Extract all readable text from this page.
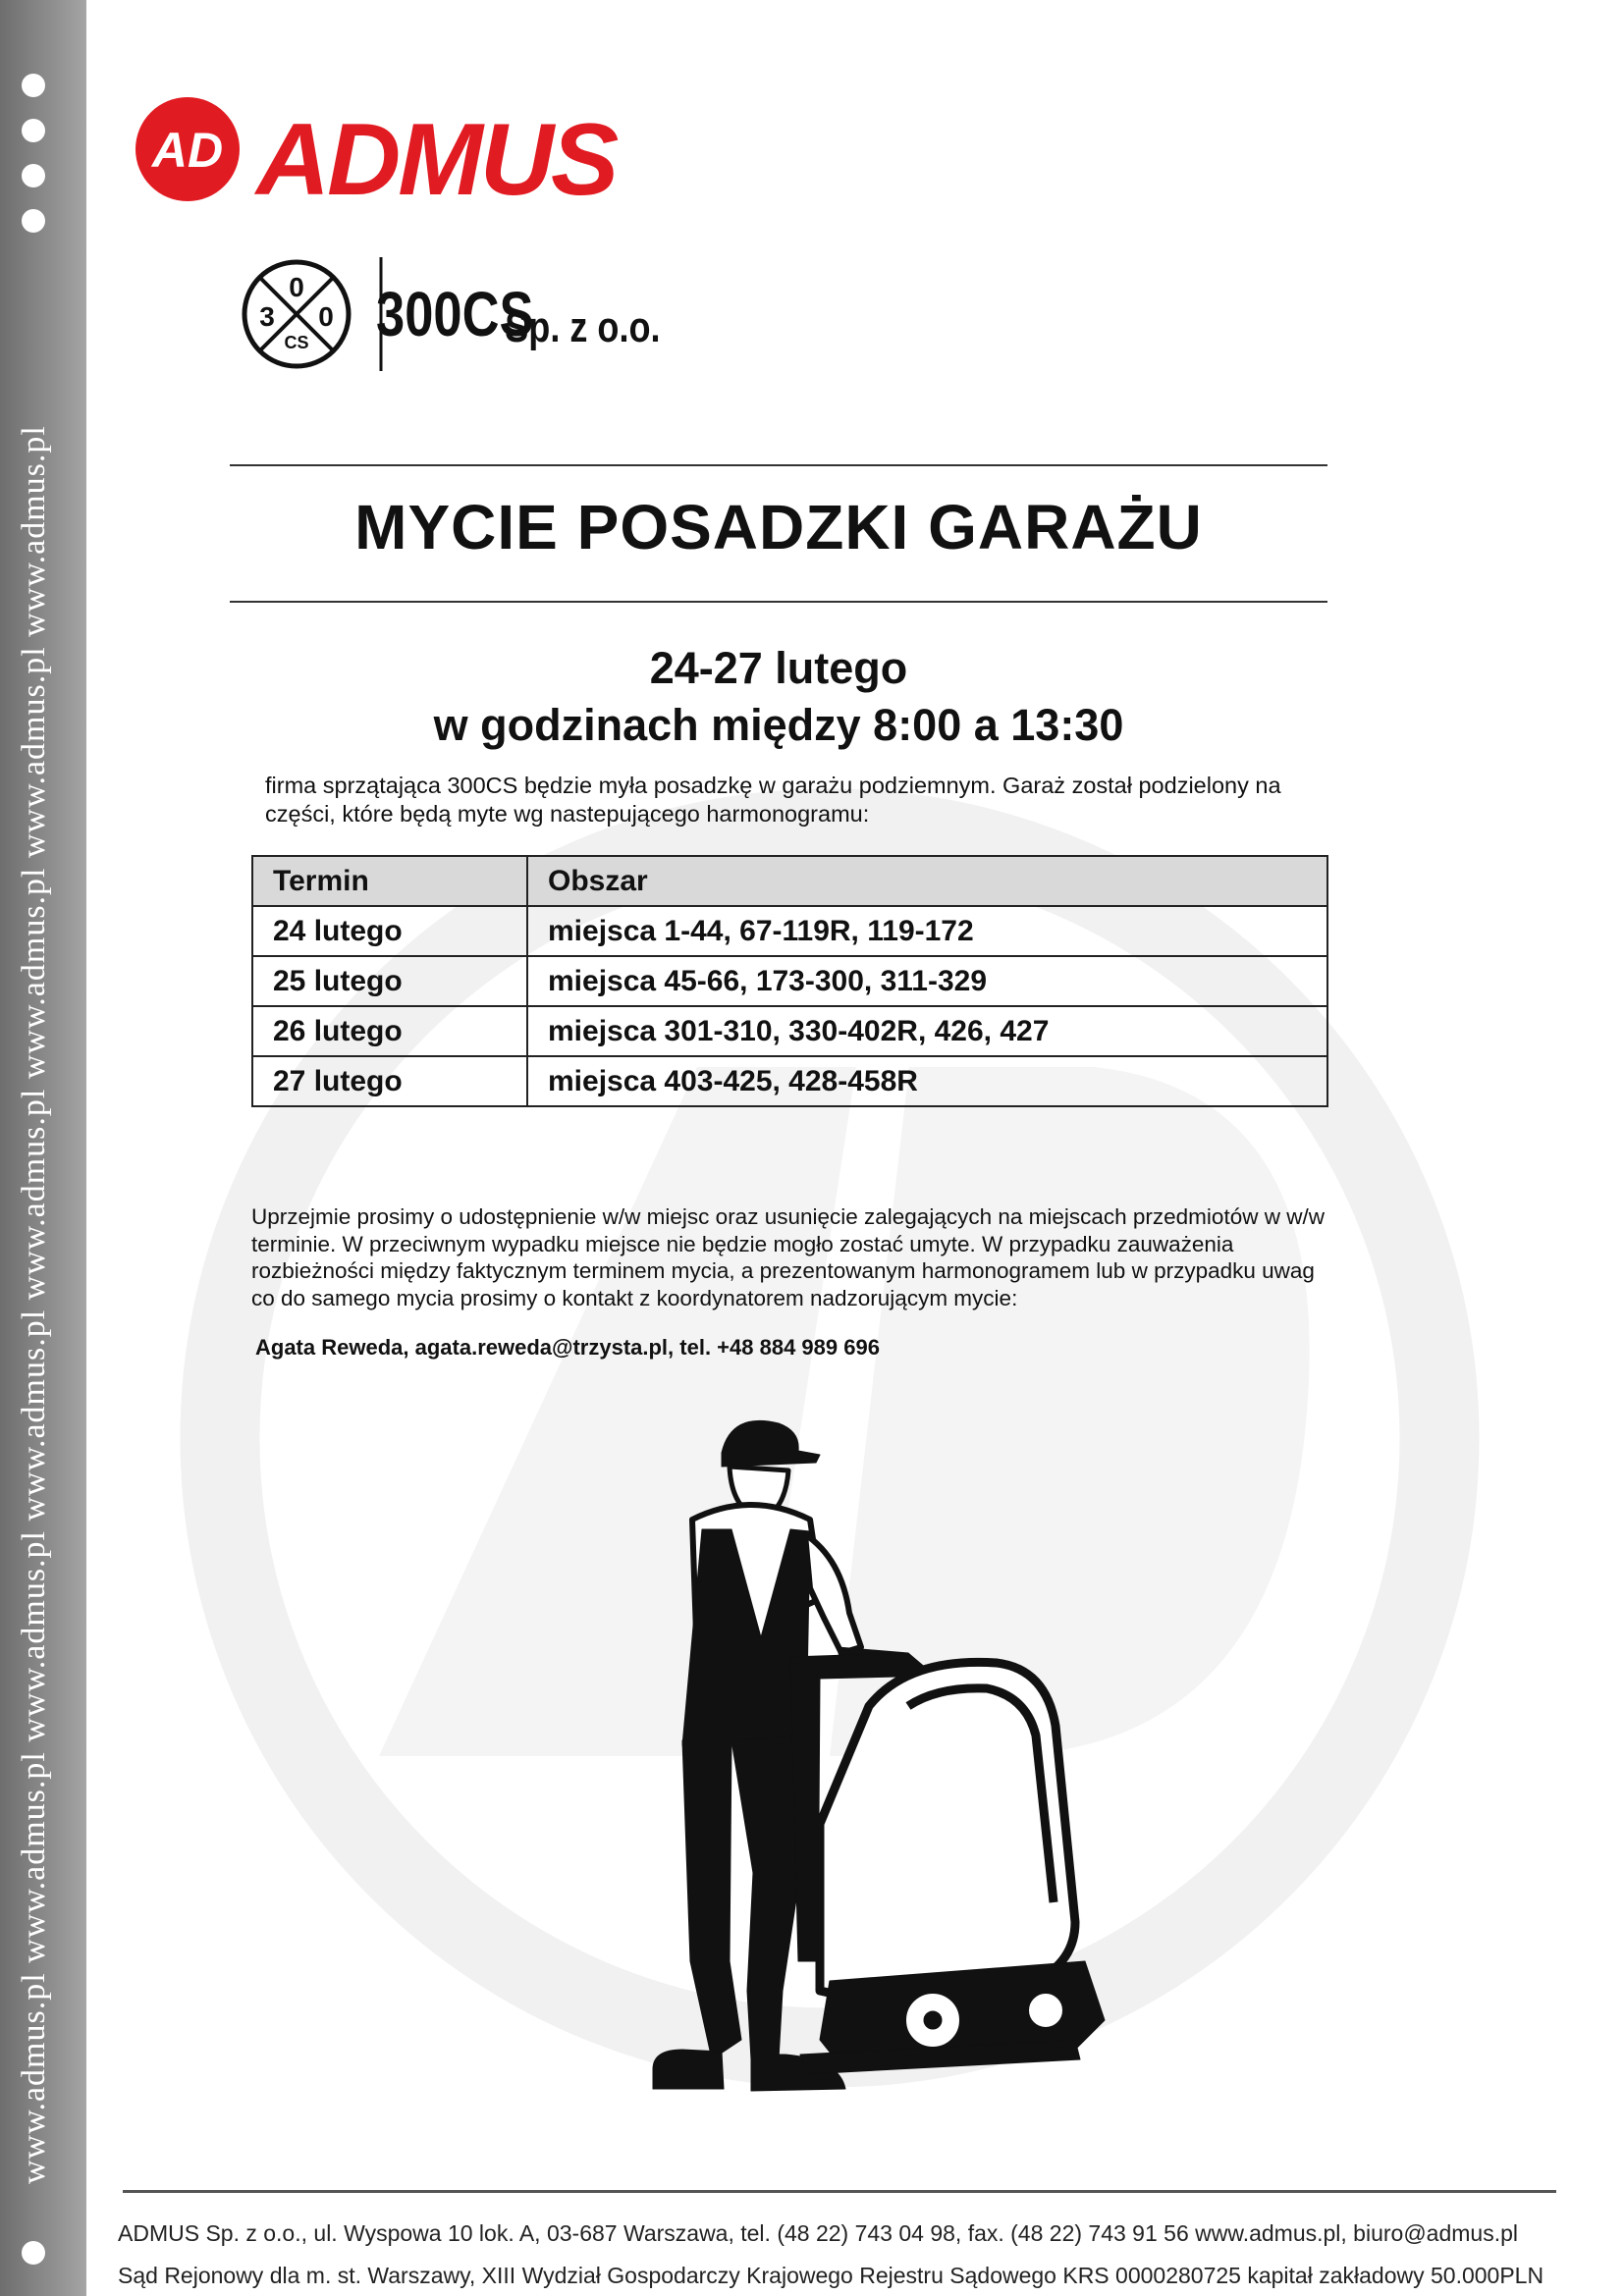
www.admus.pl www.admus.pl www.admus.pl www.admus.pl www.admus.pl www.admus.pl www.admus.pl www.admus.pl
AD ADMUS
0
3 0
CS 300CS
Sp. z o.o.
MYCIE POSADZKI GARAŻU
24-27 lutego
w godzinach między 8:00 a 13:30
firma sprzątająca 300CS będzie myła posadzkę w garażu podziemnym. Garaż został podzielony na części, które będą myte wg nastepującego harmonogramu:
Termin	Obszar
24 lutego	miejsca 1-44, 67-119R, 119-172
25 lutego	miejsca 45-66, 173-300, 311-329
26 lutego	miejsca 301-310, 330-402R, 426, 427
27 lutego	miejsca 403-425, 428-458R
Uprzejmie prosimy o udostępnienie w/w miejsc oraz usunięcie zalegających na miejscach przedmiotów w w/w terminie. W przeciwnym wypadku miejsce nie będzie mogło zostać umyte. W przypadku zauważenia rozbieżności między faktycznym terminem mycia, a prezentowanym harmonogramem lub w przypadku uwag co do samego mycia prosimy o kontakt z koordynatorem nadzorującym mycie:
Agata Reweda, agata.reweda@trzysta.pl, tel. +48 884 989 696
ADMUS Sp. z o.o., ul. Wyspowa 10 lok. A, 03-687 Warszawa, tel. (48 22) 743 04 98, fax. (48 22) 743 91 56 www.admus.pl, biuro@admus.pl
Sąd Rejonowy dla m. st. Warszawy, XIII Wydział Gospodarczy Krajowego Rejestru Sądowego KRS 0000280725 kapitał zakładowy 50.000PLN
